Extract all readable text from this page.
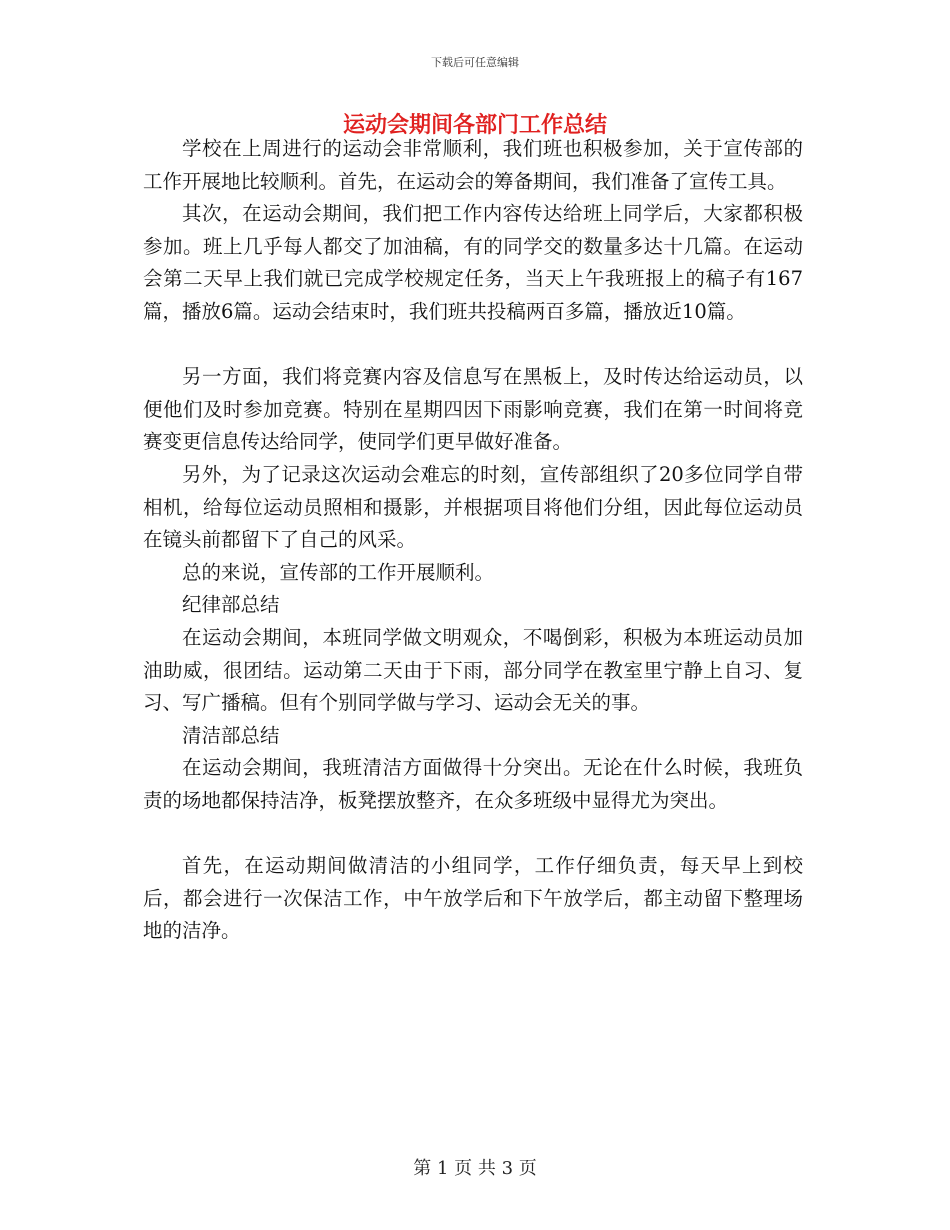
下载后可任意编辑
运动会期间各部门工作总结

学校在上周进行的运动会非常顺利，我们班也积极参加，关于宣传部的工作开展地比较顺利。首先，在运动会的筹备期间，我们准备了宣传工具。

其次，在运动会期间，我们把工作内容传达给班上同学后，大家都积极参加。班上几乎每人都交了加油稿，有的同学交的数量多达十几篇。在运动会第二天早上我们就已完成学校规定任务，当天上午我班报上的稿子有167篇，播放6篇。运动会结束时，我们班共投稿两百多篇，播放近10篇。

另一方面，我们将竞赛内容及信息写在黑板上，及时传达给运动员，以便他们及时参加竞赛。特别在星期四因下雨影响竞赛，我们在第一时间将竞赛变更信息传达给同学，使同学们更早做好准备。

另外，为了记录这次运动会难忘的时刻，宣传部组织了20多位同学自带相机，给每位运动员照相和摄影，并根据项目将他们分组，因此每位运动员在镜头前都留下了自己的风采。

总的来说，宣传部的工作开展顺利。

纪律部总结

在运动会期间，本班同学做文明观众，不喝倒彩，积极为本班运动员加油助威，很团结。运动第二天由于下雨，部分同学在教室里宁静上自习、复习、写广播稿。但有个别同学做与学习、运动会无关的事。

清洁部总结

在运动会期间，我班清洁方面做得十分突出。无论在什么时候，我班负责的场地都保持洁净，板凳摆放整齐，在众多班级中显得尤为突出。

首先，在运动期间做清洁的小组同学，工作仔细负责，每天早上到校后，都会进行一次保洁工作，中午放学后和下午放学后，都主动留下整理场地的洁净。

第 1 页 共 3 页
